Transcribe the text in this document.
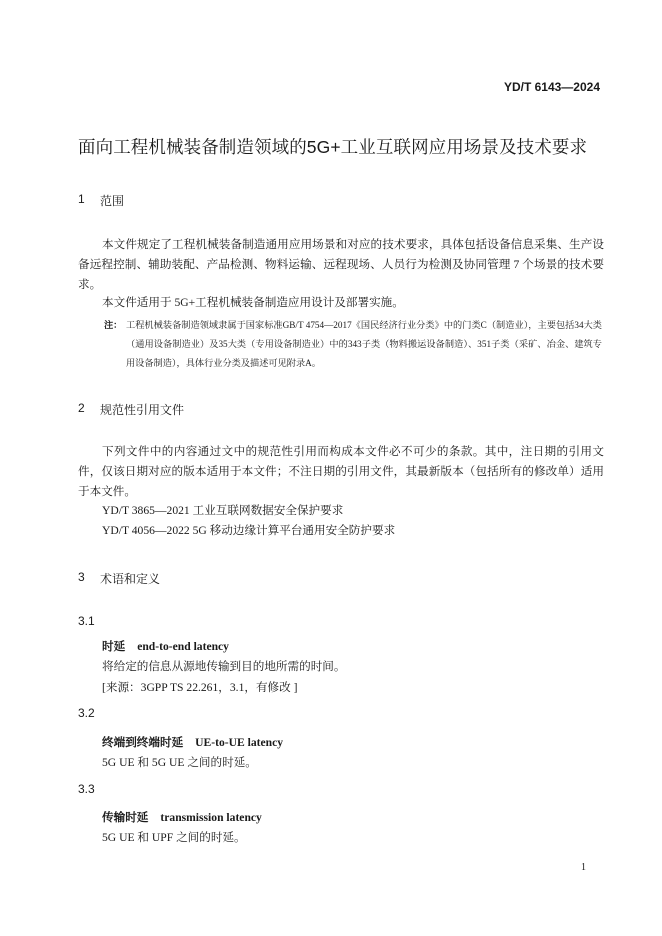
YD/T 6143—2024
面向工程机械装备制造领域的5G+工业互联网应用场景及技术要求
1 范围

本文件规定了工程机械装备制造通用应用场景和对应的技术要求，具体包括设备信息采集、生产设备远程控制、辅助装配、产品检测、物料运输、远程现场、人员行为检测及协同管理 7 个场景的技术要求。

本文件适用于 5G+工程机械装备制造应用设计及部署实施。

注： 工程机械装备制造领域隶属于国家标准GB/T 4754—2017《国民经济行业分类》中的门类C（制造业），主要包括34大类（通用设备制造业）及35大类（专用设备制造业）中的343子类（物料搬运设备制造）、351子类（采矿、冶金、建筑专用设备制造），具体行业分类及描述可见附录A。
2 规范性引用文件

下列文件中的内容通过文中的规范性引用而构成本文件必不可少的条款。其中，注日期的引用文件，仅该日期对应的版本适用于本文件；不注日期的引用文件，其最新版本（包括所有的修改单）适用于本文件。

YD/T 3865—2021 工业互联网数据安全保护要求
YD/T 4056—2022 5G 移动边缘计算平台通用安全防护要求
3 术语和定义
3.1
时延 end-to-end latency
将给定的信息从源地传输到目的地所需的时间。
[来源：3GPP TS 22.261，3.1，有修改 ]
3.2
终端到终端时延 UE-to-UE latency
5G UE 和 5G UE 之间的时延。
3.3
传输时延 transmission latency
5G UE 和 UPF 之间的时延。
1
